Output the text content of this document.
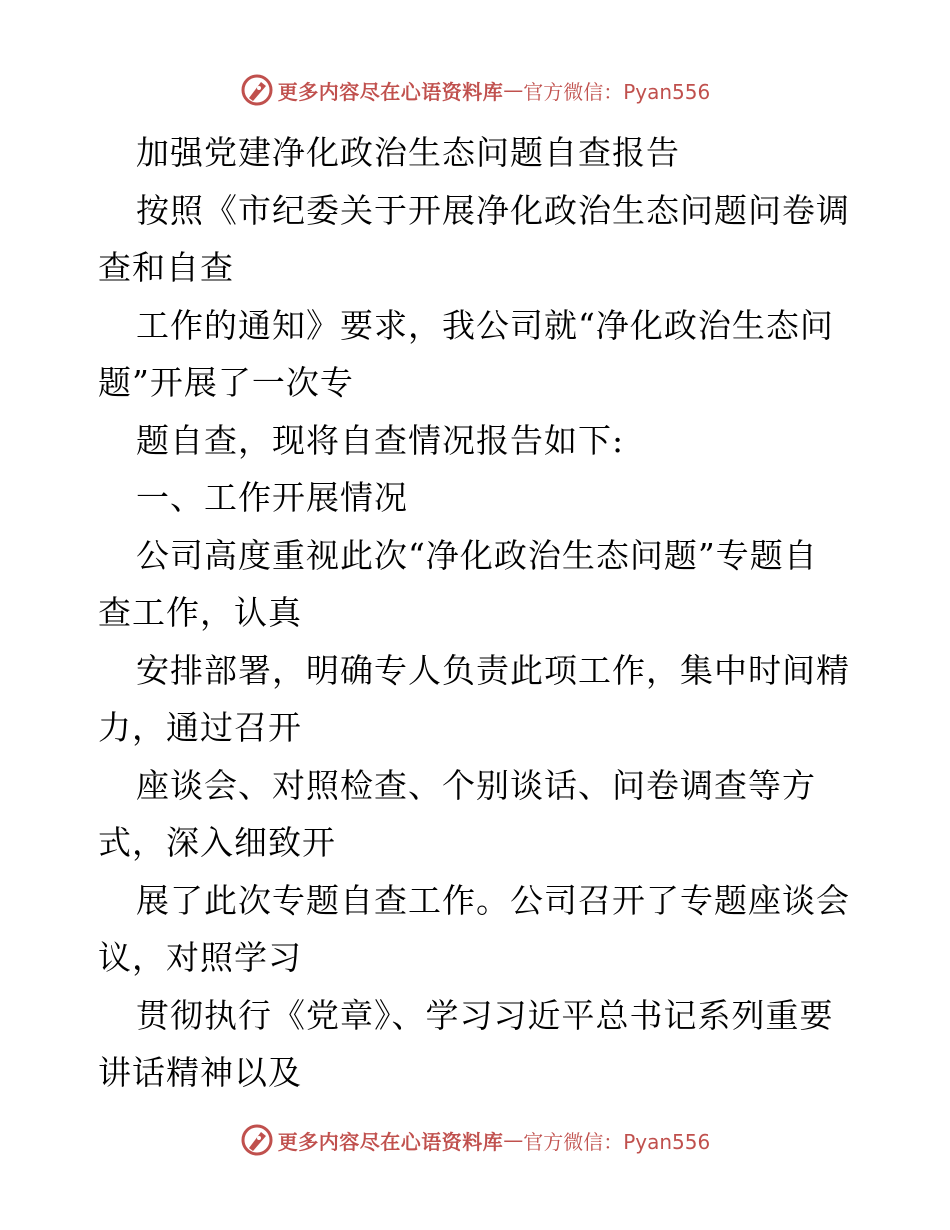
更多内容尽在心语资料库 — 官方微信：Pyan556
加强党建净化政治生态问题自查报告
按照《市纪委关于开展净化政治生态问题问卷调
查和自查
工作的通知》要求，我公司就“净化政治生态问
题”开展了一次专
题自查，现将自查情况报告如下:
一、工作开展情况
公司高度重视此次“净化政治生态问题”专题自
查工作，认真
安排部署，明确专人负责此项工作，集中时间精
力，通过召开
座谈会、对照检查、个别谈话、问卷调查等方
式，深入细致开
展了此次专题自查工作。公司召开了专题座谈会
议，对照学习
贯彻执行《党章》、学习习近平总书记系列重要
讲话精神以及
更多内容尽在心语资料库 — 官方微信：Pyan556
